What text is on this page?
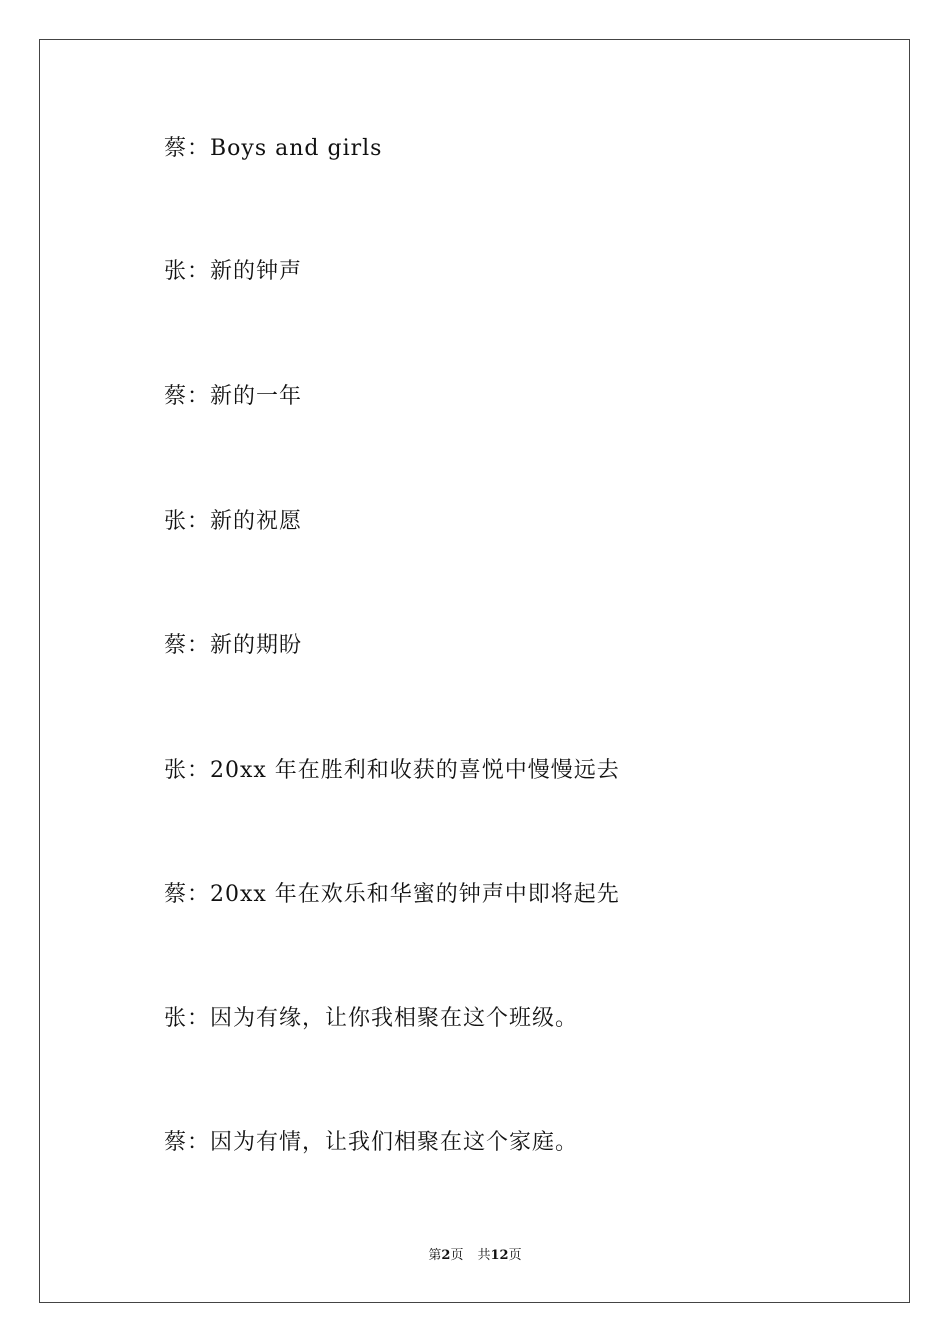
蔡：Boys and girls
张：新的钟声
蔡：新的一年
张：新的祝愿
蔡：新的期盼
张：20xx 年在胜利和收获的喜悦中慢慢远去
蔡：20xx 年在欢乐和华蜜的钟声中即将起先
张：因为有缘，让你我相聚在这个班级。
蔡：因为有情，让我们相聚在这个家庭。
第2页 共12页
